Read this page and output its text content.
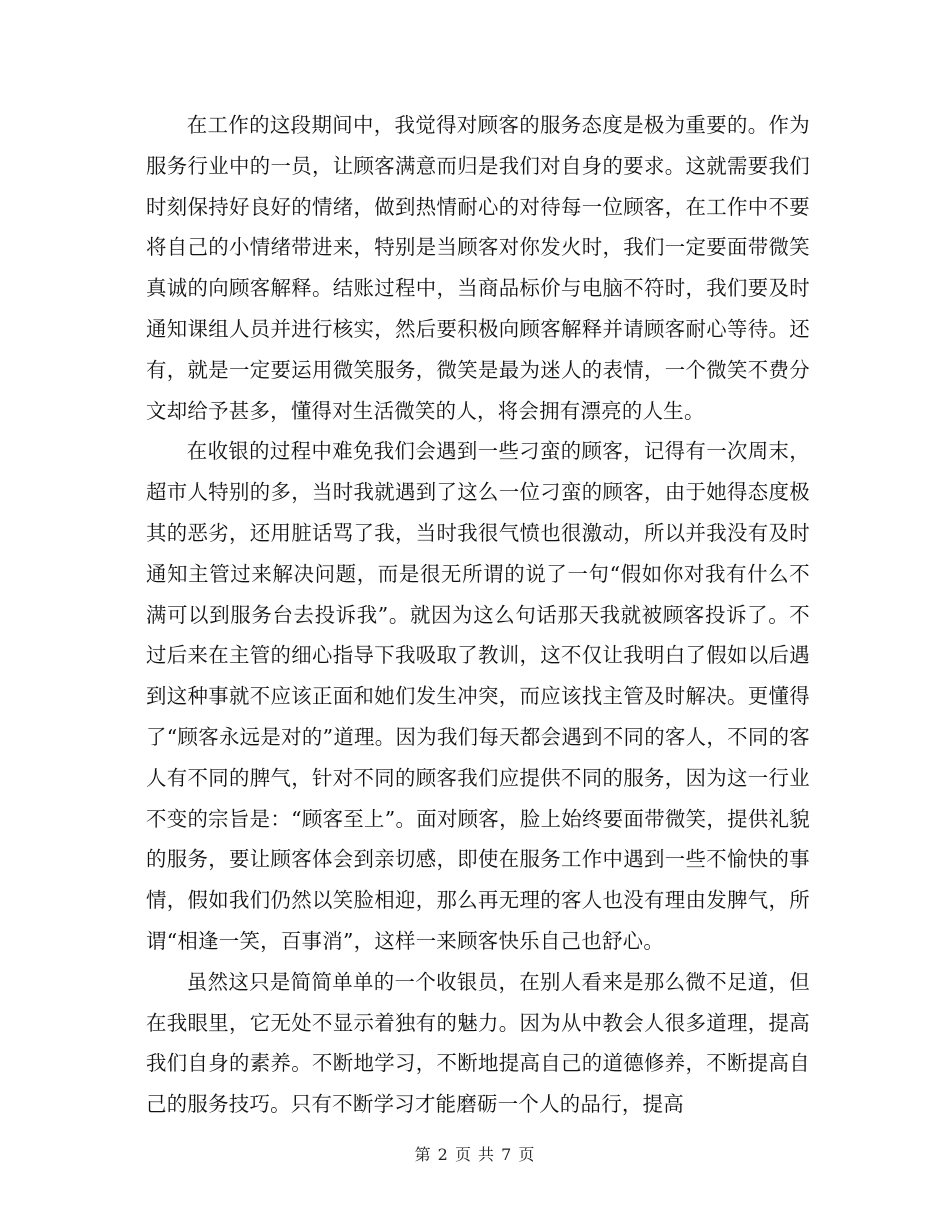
在工作的这段期间中，我觉得对顾客的服务态度是极为重要的。作为服务行业中的一员，让顾客满意而归是我们对自身的要求。这就需要我们时刻保持好良好的情绪，做到热情耐心的对待每一位顾客，在工作中不要将自己的小情绪带进来，特别是当顾客对你发火时，我们一定要面带微笑真诚的向顾客解释。结账过程中，当商品标价与电脑不符时，我们要及时通知课组人员并进行核实，然后要积极向顾客解释并请顾客耐心等待。还有，就是一定要运用微笑服务，微笑是最为迷人的表情，一个微笑不费分文却给予甚多，懂得对生活微笑的人，将会拥有漂亮的人生。

在收银的过程中难免我们会遇到一些刁蛮的顾客，记得有一次周末，超市人特别的多，当时我就遇到了这么一位刁蛮的顾客，由于她得态度极其的恶劣，还用脏话骂了我，当时我很气愤也很激动，所以并我没有及时通知主管过来解决问题，而是很无所谓的说了一句“假如你对我有什么不满可以到服务台去投诉我”。就因为这么句话那天我就被顾客投诉了。不过后来在主管的细心指导下我吸取了教训，这不仅让我明白了假如以后遇到这种事就不应该正面和她们发生冲突，而应该找主管及时解决。更懂得了“顾客永远是对的”道理。因为我们每天都会遇到不同的客人，不同的客人有不同的脾气，针对不同的顾客我们应提供不同的服务，因为这一行业不变的宗旨是：“顾客至上”。面对顾客，脸上始终要面带微笑，提供礼貌的服务，要让顾客体会到亲切感，即使在服务工作中遇到一些不愉快的事情，假如我们仍然以笑脸相迎，那么再无理的客人也没有理由发脾气，所谓“相逢一笑，百事消”，这样一来顾客快乐自己也舒心。

虽然这只是简简单单的一个收银员，在别人看来是那么微不足道，但在我眼里，它无处不显示着独有的魅力。因为从中教会人很多道理，提高我们自身的素养。不断地学习，不断地提高自己的道德修养，不断提高自己的服务技巧。只有不断学习才能磨砺一个人的品行，提高

第 2 页 共 7 页
